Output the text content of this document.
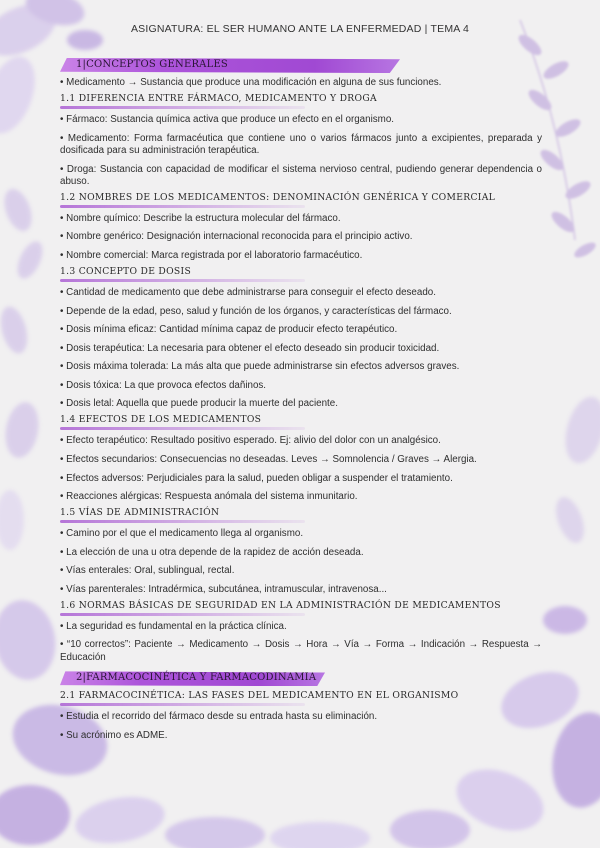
ASIGNATURA: EL SER HUMANO ANTE LA ENFERMEDAD | TEMA 4
1|CONCEPTOS GENERALES

• Medicamento → Sustancia que produce una modificación en alguna de sus funciones.

1.1 DIFERENCIA ENTRE FÁRMACO, MEDICAMENTO Y DROGA

• Fármaco: Sustancia química activa que produce un efecto en el organismo.

• Medicamento: Forma farmacéutica que contiene uno o varios fármacos junto a excipientes, preparada y dosificada para su administración terapéutica.

• Droga: Sustancia con capacidad de modificar el sistema nervioso central, pudiendo generar dependencia o abuso.

1.2 NOMBRES DE LOS MEDICAMENTOS: DENOMINACIÓN GENÉRICA Y COMERCIAL

• Nombre químico: Describe la estructura molecular del fármaco.

• Nombre genérico: Designación internacional reconocida para el principio activo.

• Nombre comercial: Marca registrada por el laboratorio farmacéutico.

1.3 CONCEPTO DE DOSIS

• Cantidad de medicamento que debe administrarse para conseguir el efecto deseado.

• Depende de la edad, peso, salud y función de los órganos, y características del fármaco.

• Dosis mínima eficaz: Cantidad mínima capaz de producir efecto terapéutico.

• Dosis terapéutica: La necesaria para obtener el efecto deseado sin producir toxicidad.

• Dosis máxima tolerada: La más alta que puede administrarse sin efectos adversos graves.

• Dosis tóxica: La que provoca efectos dañinos.

• Dosis letal: Aquella que puede producir la muerte del paciente.

1.4 EFECTOS DE LOS MEDICAMENTOS

• Efecto terapéutico: Resultado positivo esperado. Ej: alivio del dolor con un analgésico.

• Efectos secundarios: Consecuencias no deseadas. Leves → Somnolencia / Graves → Alergia.

• Efectos adversos: Perjudiciales para la salud, pueden obligar a suspender el tratamiento.

• Reacciones alérgicas: Respuesta anómala del sistema inmunitario.

1.5 VÍAS DE ADMINISTRACIÓN

• Camino por el que el medicamento llega al organismo.

• La elección de una u otra depende de la rapidez de acción deseada.

• Vías enterales: Oral, sublingual, rectal.

• Vías parenterales: Intradérmica, subcutánea, intramuscular, intravenosa...

1.6 NORMAS BÁSICAS DE SEGURIDAD EN LA ADMINISTRACIÓN DE MEDICAMENTOS

• La seguridad es fundamental en la práctica clínica.

• “10 correctos”: Paciente → Medicamento → Dosis → Hora → Vía → Forma → Indicación → Respuesta → Educación

2|FARMACOCINÉTICA Y FARMACODINAMIA
2.1 FARMACOCINÉTICA: LAS FASES DEL MEDICAMENTO EN EL ORGANISMO

• Estudia el recorrido del fármaco desde su entrada hasta su eliminación.

• Su acrónimo es ADME.
